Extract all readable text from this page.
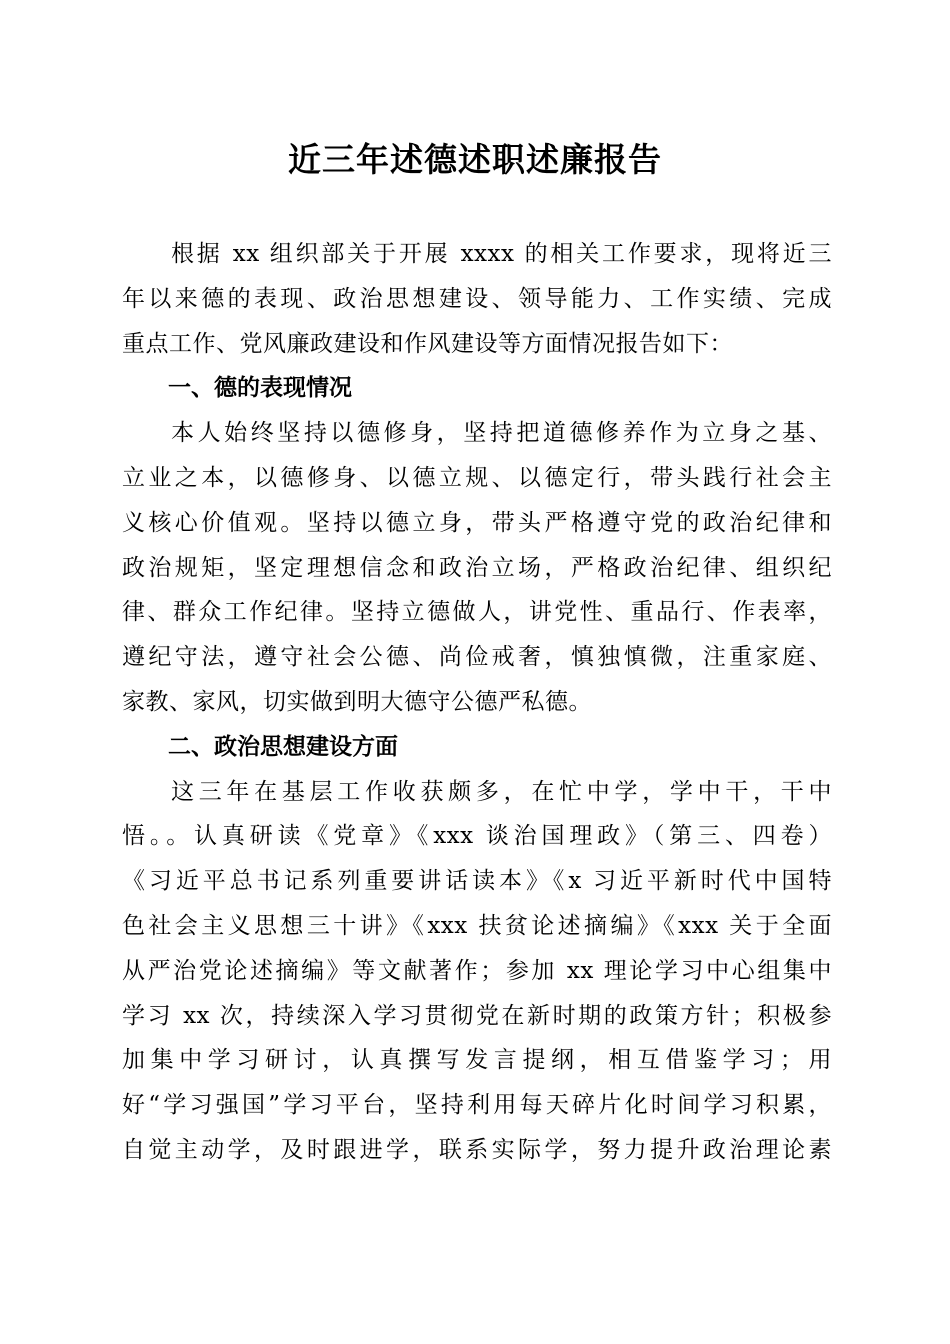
近三年述德述职述廉报告
根据 xx 组织部关于开展 xxxx 的相关工作要求，现将近三
年以来德的表现、政治思想建设、领导能力、工作实绩、完成
重点工作、党风廉政建设和作风建设等方面情况报告如下：
一、德的表现情况
本人始终坚持以德修身，坚持把道德修养作为立身之基、
立业之本，以德修身、以德立规、以德定行，带头践行社会主
义核心价值观。坚持以德立身，带头严格遵守党的政治纪律和
政治规矩，坚定理想信念和政治立场，严格政治纪律、组织纪
律、群众工作纪律。坚持立德做人，讲党性、重品行、作表率，
遵纪守法，遵守社会公德、尚俭戒奢，慎独慎微，注重家庭、
家教、家风，切实做到明大德守公德严私德。
二、政治思想建设方面
这三年在基层工作收获颇多，在忙中学，学中干，干中
悟。。认真研读《党章》《xxx 谈治国理政》（第三、四卷）
《习近平总书记系列重要讲话读本》《x 习近平新时代中国特
色社会主义思想三十讲》《xxx 扶贫论述摘编》《xxx 关于全面
从严治党论述摘编》等文献著作；参加 xx 理论学习中心组集中
学习 xx 次，持续深入学习贯彻党在新时期的政策方针；积极参
加集中学习研讨，认真撰写发言提纲，相互借鉴学习；用
好“学习强国”学习平台，坚持利用每天碎片化时间学习积累，
自觉主动学，及时跟进学，联系实际学，努力提升政治理论素
